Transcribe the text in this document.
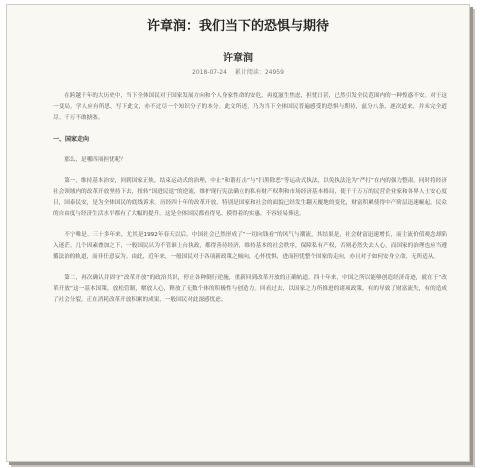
许章润：我们当下的恐惧与期待
许章润
2018-07-24 累计阅读：24959

在跨越千年的大历史中，当下全体国民对于国家发展方向和个人身家性命的安危，再度滋生焦虑，担忧日甚，已然引发全民范围内的一种惶惑不安。对于这一变局，学人应有所思，写下此文，亦不过尽一个知识分子的本分。此文所述，乃为当下全体国民普遍感受的恐惧与期待，兹分八条，逐次道来，并未完全道尽。千万不敢搪塞。

一、国家走向

那么，是哪四项担忧呢？

第一，维持基本治安，回到国家正轨，结束运动式的治理，中止“和谐打击”与“扫黑除恶”等运动式执法，以免执法沦为“严打”在内的强力整肃。同时将经济社会领域内的改革开放坚持下去，扭转“国进民退”的逆流，维护现行宪法确立的私有财产权利和市场经济基本格局，使千千万万的民营企业家和各界人士安心度日，国泰民安，是为全体国民的底线诉求。历经四十年的改革开放，特别是国家和社会的面貌已经发生翻天覆地的变化，财富积累使得中产阶层迅速崛起，民众的自由度与经济生活水平都有了大幅的提升。这是全体国民都看得见、摸得着的实惠，不容轻易葬送。

不宁唯是。三十多年来，尤其是1992年春天以后，中国社会已然形成了“一切向钱看”的风气与潮流，其结果是，社会财富迅速增长，而主流价值观念却陷入迷茫。几个因素叠加之下，一般国民认为不管谁上台执政，都得善待经济，维持基本的社会秩序，保障私有产权，否则必然失去人心。而国家的治理也应当遵循法治的轨道，而非任意妄为。由此，近年来，一般国民对于各项新政策之倾向，心怀忧惧，进而担忧整个国家的走向，亦且对于如何安身立命，无所适从。

第二，再次确认并固守“改革开放”的政治共识，停止各种倒行逆施，重新回到改革开放的正确轨道。四十年来，中国之所以能够创造经济奇迹，就在于“改革开放”这一基本国策。放松管制，解放人心，释放了无数个体的积极性与创造力。回看过去，以国家之力所推进的诸项政策，有的导致了财富流失，有的造成了社会分裂，正在消耗改革开放积累的成果，一般国民对此深感忧虑。
